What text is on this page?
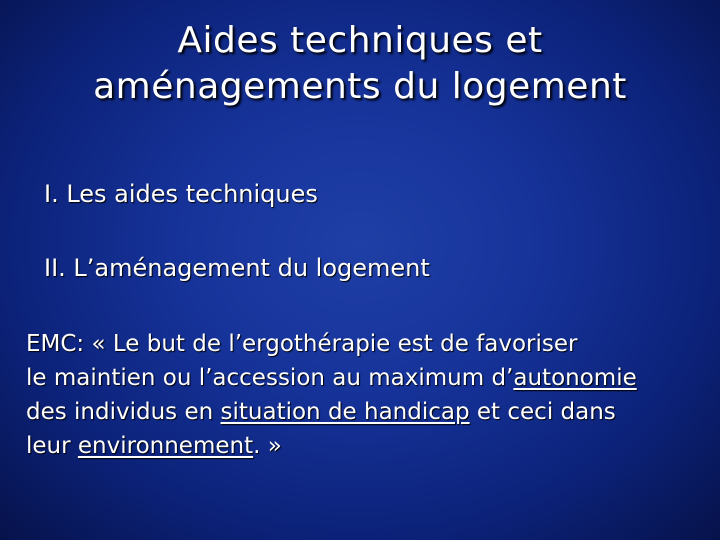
Aides techniques et
aménagements du logement
I. Les aides techniques
II. L’aménagement du logement
EMC: « Le but de l’ergothérapie est de favoriser
le maintien ou l’accession au maximum d’autonomie
des individus en situation de handicap et ceci dans
leur environnement. »
